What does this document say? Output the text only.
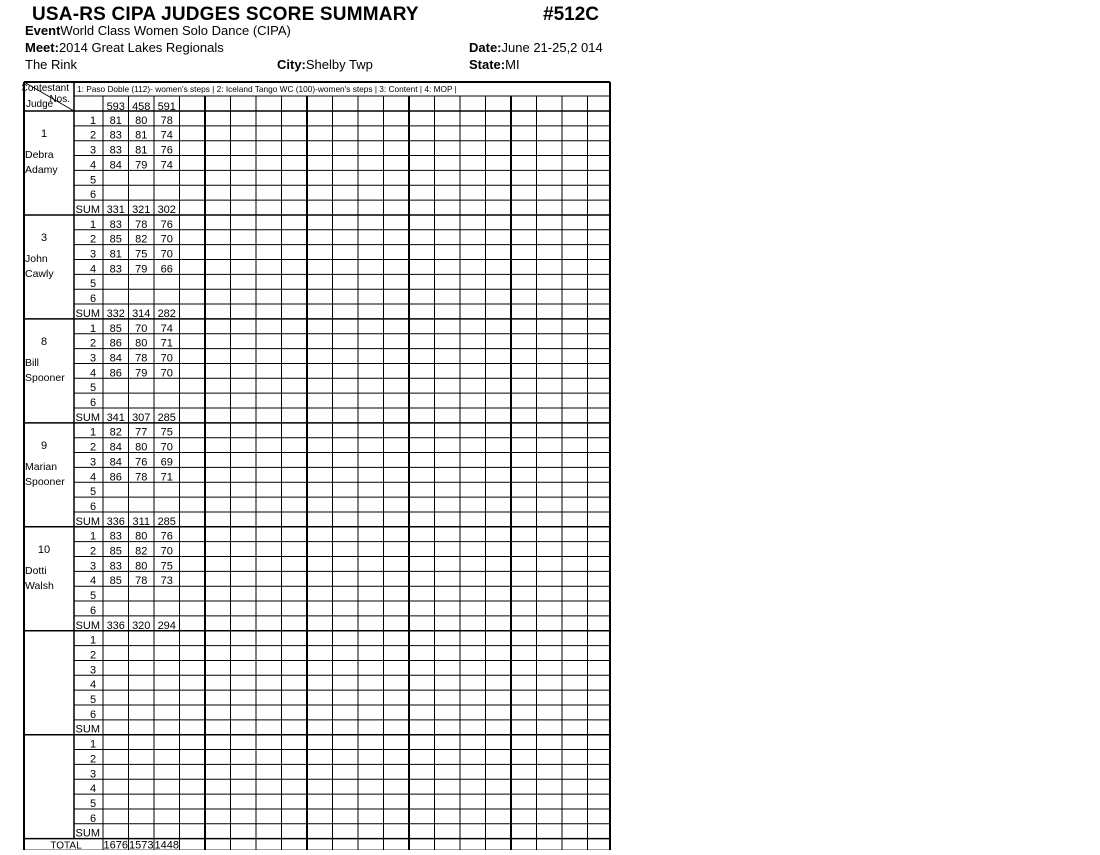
USA-RS CIPA JUDGES SCORE SUMMARY	#512C
EventWorld Class Women Solo Dance (CIPA)
Meet:2014 Great Lakes Regionals	Date:June 21-25,2 014
The Rink	City:Shelby Twp	State:MI
Contestant
Nos.
Judge
1: Paso Doble (112)- women's steps | 2: Iceland Tango WC (100)-women's steps | 3: Content | 4: MOP |
593 458 591
1
Debra
Adamy
1 81 80 78
2 83 81 74
3 83 81 76
4 84 79 74
5
6
SUM 331 321 302
3
John
Cawly
1 83 78 76
2 85 82 70
3 81 75 70
4 83 79 66
5
6
SUM 332 314 282
8
Bill
Spooner
1 85 70 74
2 86 80 71
3 84 78 70
4 86 79 70
5
6
SUM 341 307 285
9
Marian
Spooner
1 82 77 75
2 84 80 70
3 84 76 69
4 86 78 71
5
6
SUM 336 311 285
10
Dotti
Walsh
1 83 80 76
2 85 82 70
3 83 80 75
4 85 78 73
5
6
SUM 336 320 294
1
2
3
4
5
6
SUM
1
2
3
4
5
6
SUM
TOTAL 1676 1573 1448
